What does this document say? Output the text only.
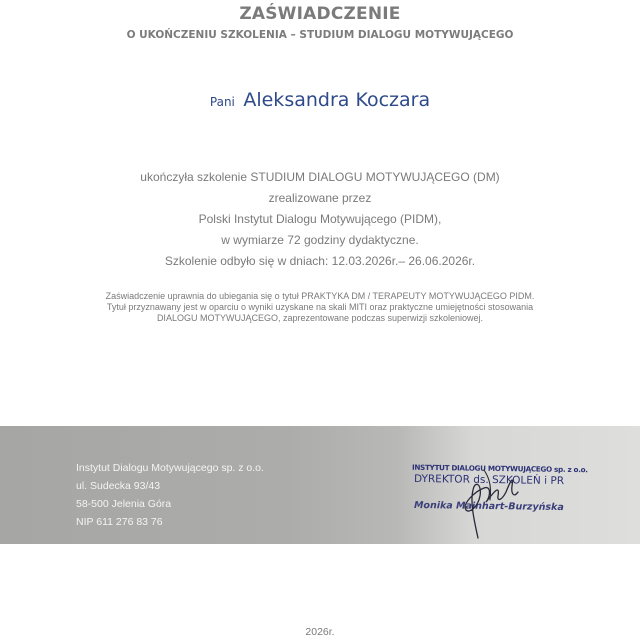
ZAŚWIADCZENIE
O UKOŃCZENIU SZKOLENIA – STUDIUM DIALOGU MOTYWUJĄCEGO
Pani Aleksandra Koczara
ukończyła szkolenie STUDIUM DIALOGU MOTYWUJĄCEGO (DM)
zrealizowane przez
Polski Instytut Dialogu Motywującego (PIDM),
w wymiarze 72 godziny dydaktyczne.
Szkolenie odbyło się w dniach: 12.03.2026r.– 26.06.2026r.
Zaświadczenie uprawnia do ubiegania się o tytuł PRAKTYKA DM / TERAPEUTY MOTYWUJĄCEGO PIDM.
Tytuł przyznawany jest w oparciu o wyniki uzyskane na skali MITI oraz praktyczne umiejętności stosowania
DIALOGU MOTYWUJĄCEGO, zaprezentowane podczas superwizji szkoleniowej.
Instytut Dialogu Motywującego sp. z o.o.
ul. Sudecka 93/43
58-500 Jelenia Góra
NIP 611 276 83 76
INSTYTUT DIALOGU MOTYWUJĄCEGO sp. z o.o.
DYREKTOR ds. SZKOLEŃ i PR
Monika Mainhart-Burzyńska
2026r.
